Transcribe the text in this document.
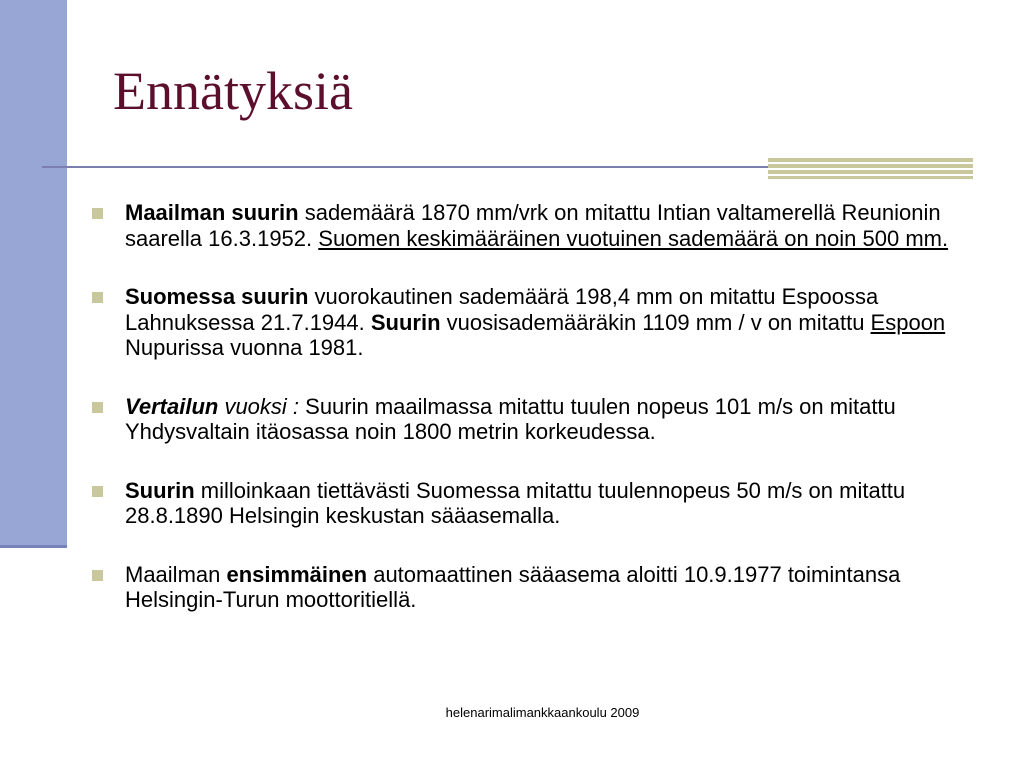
Ennätyksiä
Maailman suurin sademäärä 1870 mm/vrk on mitattu Intian valtamerellä Reunionin saarella 16.3.1952. Suomen keskimääräinen vuotuinen sademäärä on noin 500 mm.
Suomessa suurin vuorokautinen sademäärä 198,4 mm on mitattu Espoossa Lahnuksessa 21.7.1944. Suurin vuosisademääräkin 1109 mm / v on mitattu Espoon Nupurissa vuonna 1981.
Vertailun vuoksi : Suurin maailmassa mitattu tuulen nopeus 101 m/s on mitattu Yhdysvaltain itäosassa noin 1800 metrin korkeudessa.
Suurin milloinkaan tiettävästi Suomessa mitattu tuulennopeus 50 m/s on mitattu 28.8.1890 Helsingin keskustan sääasemalla.
Maailman ensimmäinen automaattinen sääasema aloitti 10.9.1977 toimintansa Helsingin-Turun moottoritiellä.
helenarimalimankkaankoulu 2009
